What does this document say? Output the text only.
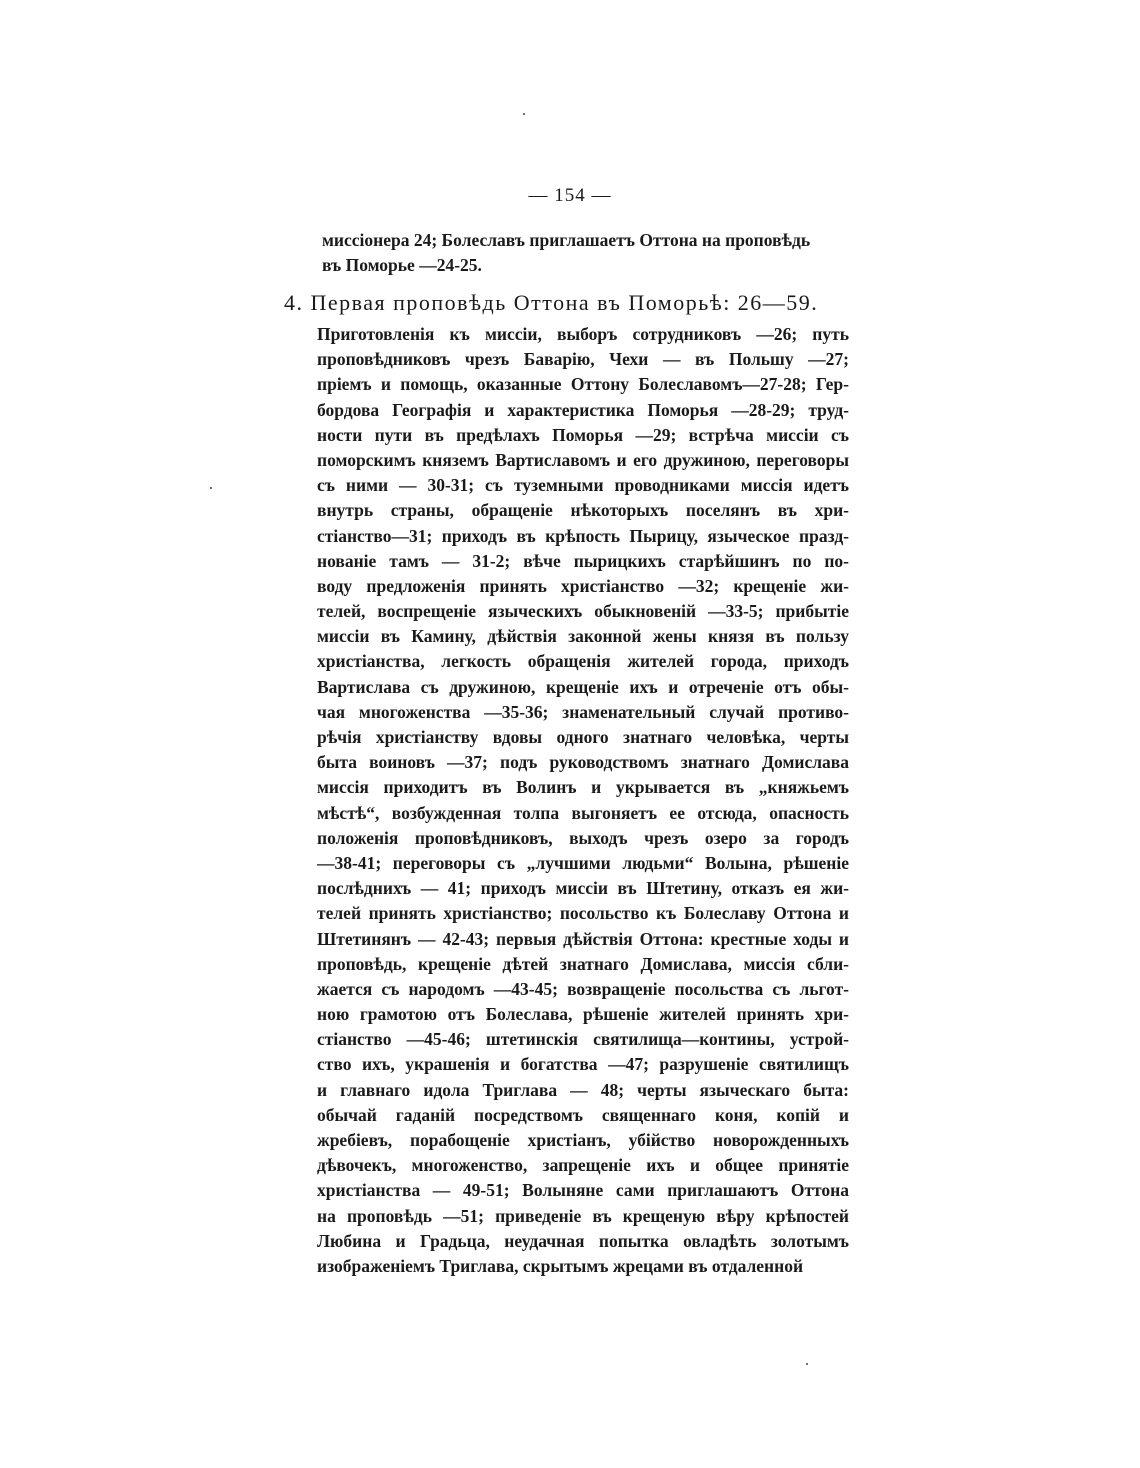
— 154 —
миссіонера 24; Болеславъ приглашаетъ Оттона на проповѣдь
въ Поморье —24-25.
4. Первая проповѣдь Оттона въ Поморьѣ: 26—59.
Приготовленія къ миссіи, выборъ сотрудниковъ —26; путь
проповѣдниковъ чрезъ Баварію, Чехи — въ Польшу —27;
пріемъ и помощь, оказанные Оттону Болеславомъ—27-28; Гер-
бордова Географія и характеристика Поморья —28-29; труд-
ности пути въ предѣлахъ Поморья —29; встрѣча миссіи съ
поморскимъ княземъ Вартиславомъ и его дружиною, переговоры
съ ними — 30-31; съ туземными проводниками миссія идетъ
внутрь страны, обращеніе нѣкоторыхъ поселянъ въ хри-
стіанство—31; приходъ въ крѣпость Пырицу, языческое празд-
нованіе тамъ — 31-2; вѣче пырицкихъ старѣйшинъ по по-
воду предложенія принять христіанство —32; крещеніе жи-
телей, воспрещеніе языческихъ обыкновеній —33-5; прибытіе
миссіи въ Камину, дѣйствія законной жены князя въ пользу
христіанства, легкость обращенія жителей города, приходъ
Вартислава съ дружиною, крещеніе ихъ и отреченіе отъ обы-
чая многоженства —35-36; знаменательный случай противо-
рѣчія христіанству вдовы одного знатнаго человѣка, черты
быта воиновъ —37; подъ руководствомъ знатнаго Домислава
миссія приходитъ въ Волинъ и укрывается въ „княжьемъ
мѣстѣ“, возбужденная толпа выгоняетъ ее отсюда, опасность
положенія проповѣдниковъ, выходъ чрезъ озеро за городъ
—38-41; переговоры съ „лучшими людьми“ Волына, рѣшеніе
послѣднихъ — 41; приходъ миссіи въ Штетину, отказъ ея жи-
телей принять христіанство; посольство къ Болеславу Оттона и
Штетинянъ — 42-43; первыя дѣйствія Оттона: крестные ходы и
проповѣдь, крещеніе дѣтей знатнаго Домислава, миссія сбли-
жается съ народомъ —43-45; возвращеніе посольства съ льгот-
ною грамотою отъ Болеслава, рѣшеніе жителей принять хри-
стіанство —45-46; штетинскія святилища—контины, устрой-
ство ихъ, украшенія и богатства —47; разрушеніе святилищъ
и главнаго идола Триглава — 48; черты языческаго быта:
обычай гаданій посредствомъ священнаго коня, копій и
жребіевъ, порабощеніе христіанъ, убійство новорожденныхъ
дѣвочекъ, многоженство, запрещеніе ихъ и общее принятіе
христіанства — 49-51; Волыняне сами приглашаютъ Оттона
на проповѣдь —51; приведеніе въ крещеную вѣру крѣпостей
Любина и Градьца, неудачная попытка овладѣть золотымъ
изображеніемъ Триглава, скрытымъ жрецами въ отдаленной
